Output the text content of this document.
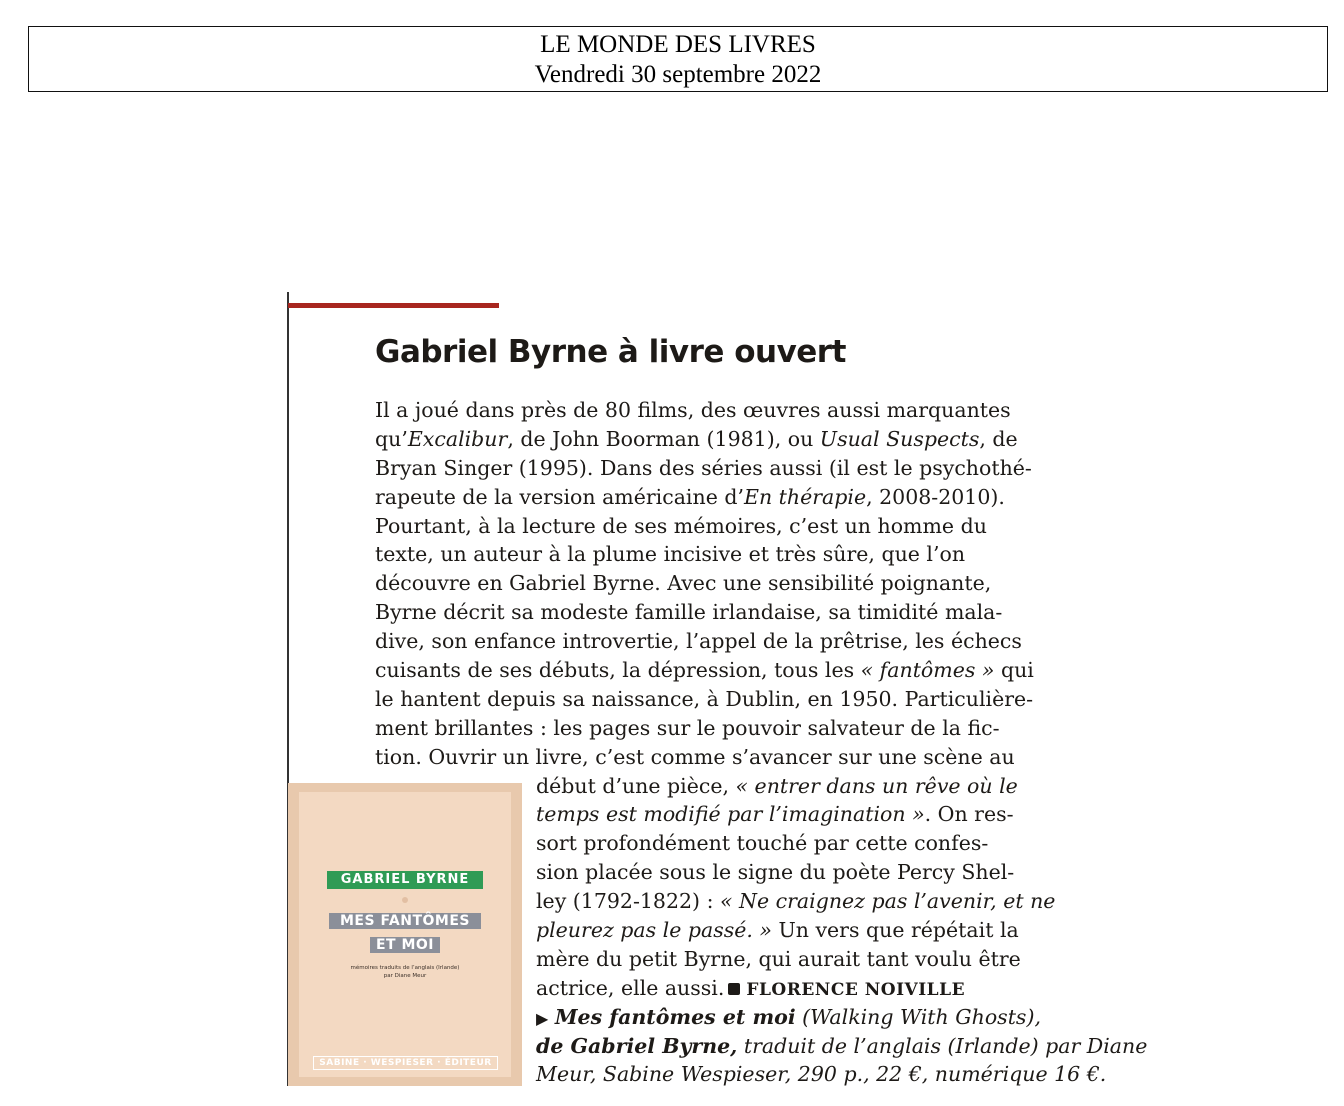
LE MONDE DES LIVRES
Vendredi 30 septembre 2022
Gabriel Byrne à livre ouvert
Il a joué dans près de 80 films, des œuvres aussi marquantes
qu’Excalibur, de John Boorman (1981), ou Usual Suspects, de
Bryan Singer (1995). Dans des séries aussi (il est le psychothé-
rapeute de la version américaine d’En thérapie, 2008-2010).
Pourtant, à la lecture de ses mémoires, c’est un homme du
texte, un auteur à la plume incisive et très sûre, que l’on
découvre en Gabriel Byrne. Avec une sensibilité poignante,
Byrne décrit sa modeste famille irlandaise, sa timidité mala-
dive, son enfance introvertie, l’appel de la prêtrise, les échecs
cuisants de ses débuts, la dépression, tous les « fantômes » qui
le hantent depuis sa naissance, à Dublin, en 1950. Particulière-
ment brillantes : les pages sur le pouvoir salvateur de la fic-
tion. Ouvrir un livre, c’est comme s’avancer sur une scène au
début d’une pièce, « entrer dans un rêve où le
temps est modifié par l’imagination ». On res-
sort profondément touché par cette confes-
sion placée sous le signe du poète Percy Shel-
ley (1792-1822) : « Ne craignez pas l’avenir, et ne
pleurez pas le passé. » Un vers que répétait la
mère du petit Byrne, qui aurait tant voulu être
actrice, elle aussi. FLORENCE NOIVILLE
▶ Mes fantômes et moi (Walking With Ghosts),
de Gabriel Byrne, traduit de l’anglais (Irlande) par Diane
Meur, Sabine Wespieser, 290 p., 22 €, numérique 16 €.
GABRIEL BYRNE
MES FANTÔMES
ET MOI
mémoires traduits de l’anglais (Irlande)
par Diane Meur
SABINE · WESPIESER · ÉDITEUR
